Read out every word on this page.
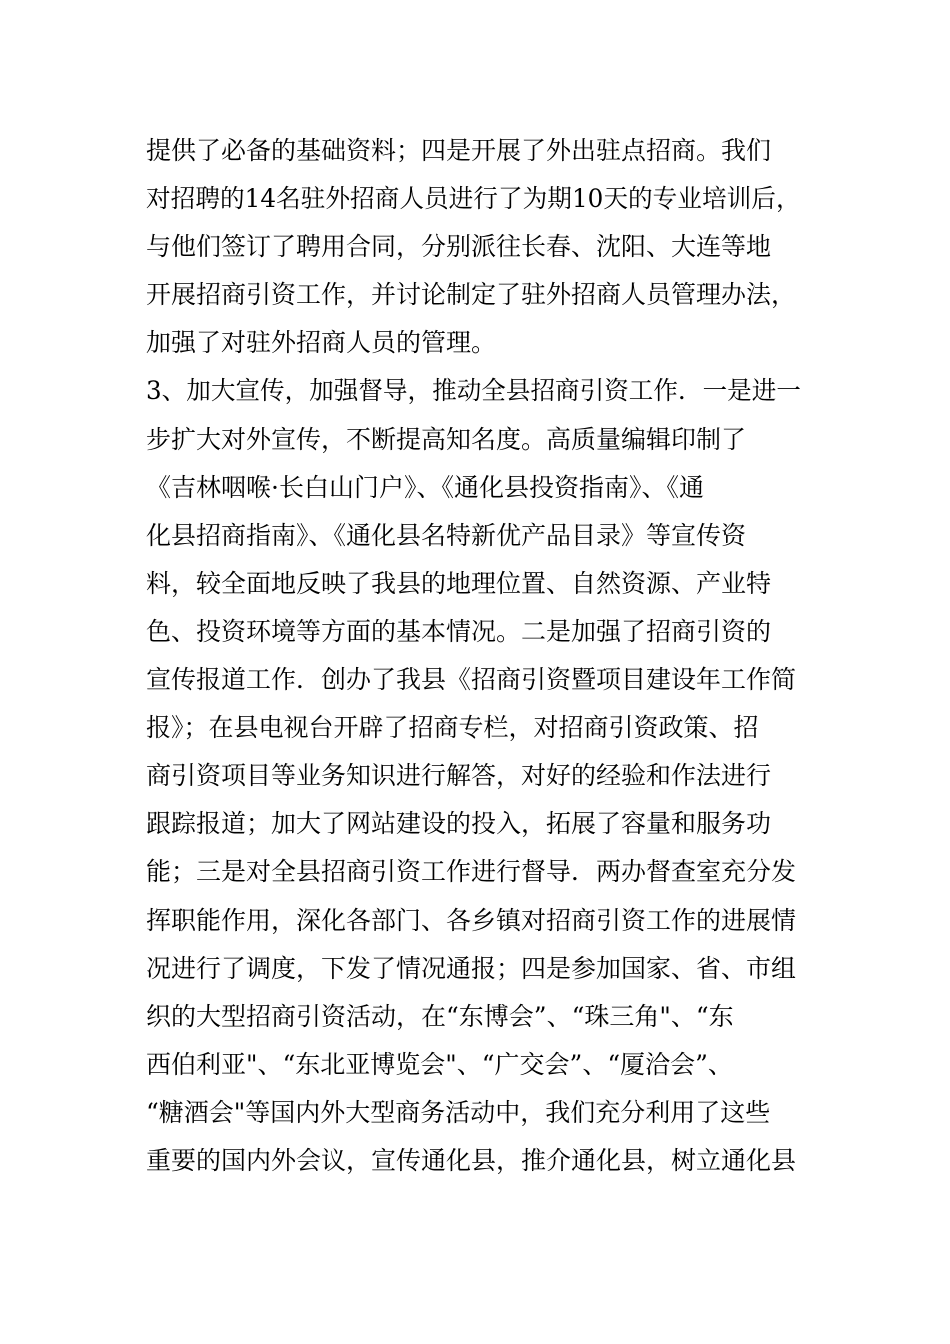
提供了必备的基础资料；四是开展了外出驻点招商。我们
对招聘的14名驻外招商人员进行了为期10天的专业培训后，
与他们签订了聘用合同，分别派往长春、沈阳、大连等地
开展招商引资工作，并讨论制定了驻外招商人员管理办法，
加强了对驻外招商人员的管理。
3、加大宣传，加强督导，推动全县招商引资工作．一是进一
步扩大对外宣传，不断提高知名度。高质量编辑印制了
《吉林咽喉·长白山门户》、《通化县投资指南》、《通
化县招商指南》、《通化县名特新优产品目录》等宣传资
料，较全面地反映了我县的地理位置、自然资源、产业特
色、投资环境等方面的基本情况。二是加强了招商引资的
宣传报道工作．创办了我县《招商引资暨项目建设年工作简
报》；在县电视台开辟了招商专栏，对招商引资政策、招
商引资项目等业务知识进行解答，对好的经验和作法进行
跟踪报道；加大了网站建设的投入，拓展了容量和服务功
能；三是对全县招商引资工作进行督导．两办督查室充分发
挥职能作用，深化各部门、各乡镇对招商引资工作的进展情
况进行了调度，下发了情况通报；四是参加国家、省、市组
织的大型招商引资活动，在“东博会”、“珠三角"、“东
西伯利亚"、“东北亚博览会"、“广交会”、“厦洽会”、
“糖酒会"等国内外大型商务活动中，我们充分利用了这些
重要的国内外会议，宣传通化县，推介通化县，树立通化县
